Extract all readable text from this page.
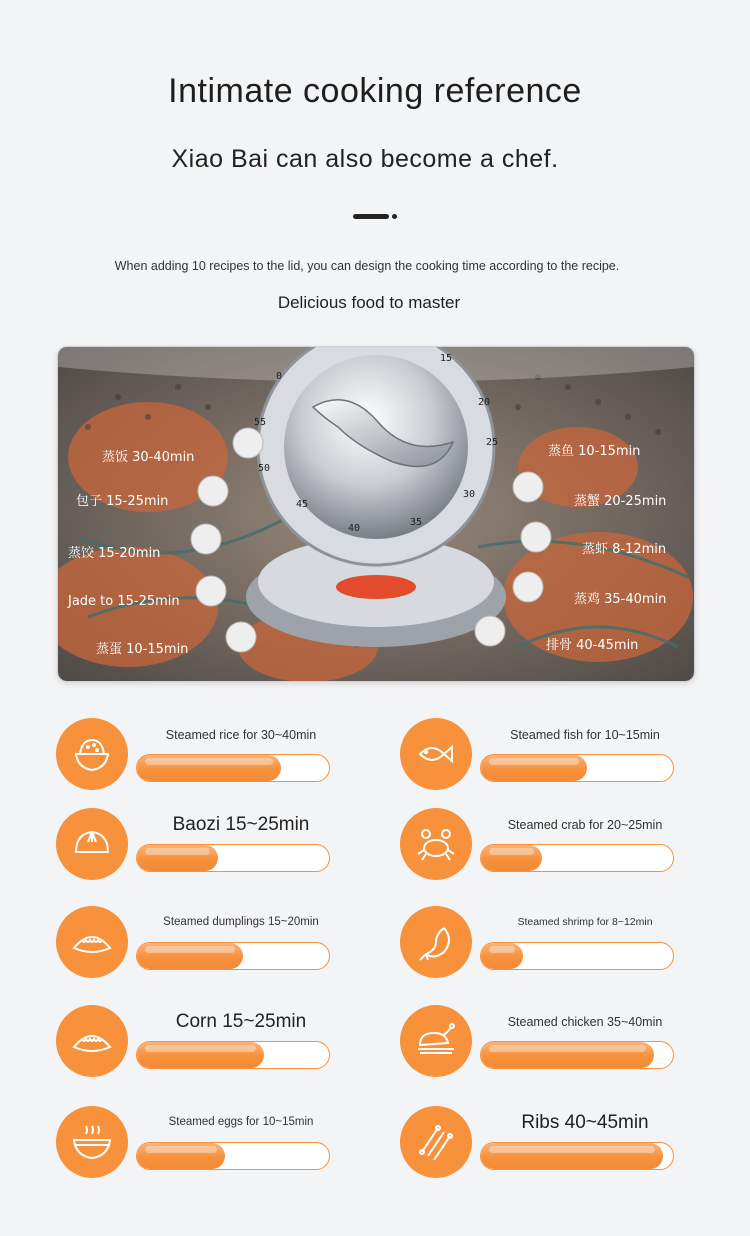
Intimate cooking reference
Xiao Bai can also become a chef.
When adding 10 recipes to the lid, you can design the cooking time according to the recipe.
Delicious food to master
0
15
20
25
30
35
40
45
50
55
蒸饭 30-40min
包子 15-25min
蒸饺 15-20min
Jade to 15-25min
蒸蛋 10-15min
蒸鱼 10-15min
蒸蟹 20-25min
蒸虾 8-12min
蒸鸡 35-40min
排骨 40-45min
Steamed rice for 30~40min	Steamed fish for 10~15min
Baozi 15~25min	Steamed crab for 20~25min
Steamed dumplings 15~20min	Steamed shrimp for 8~12min
Corn 15~25min	Steamed chicken 35~40min
Steamed eggs for 10~15min	Ribs 40~45min
